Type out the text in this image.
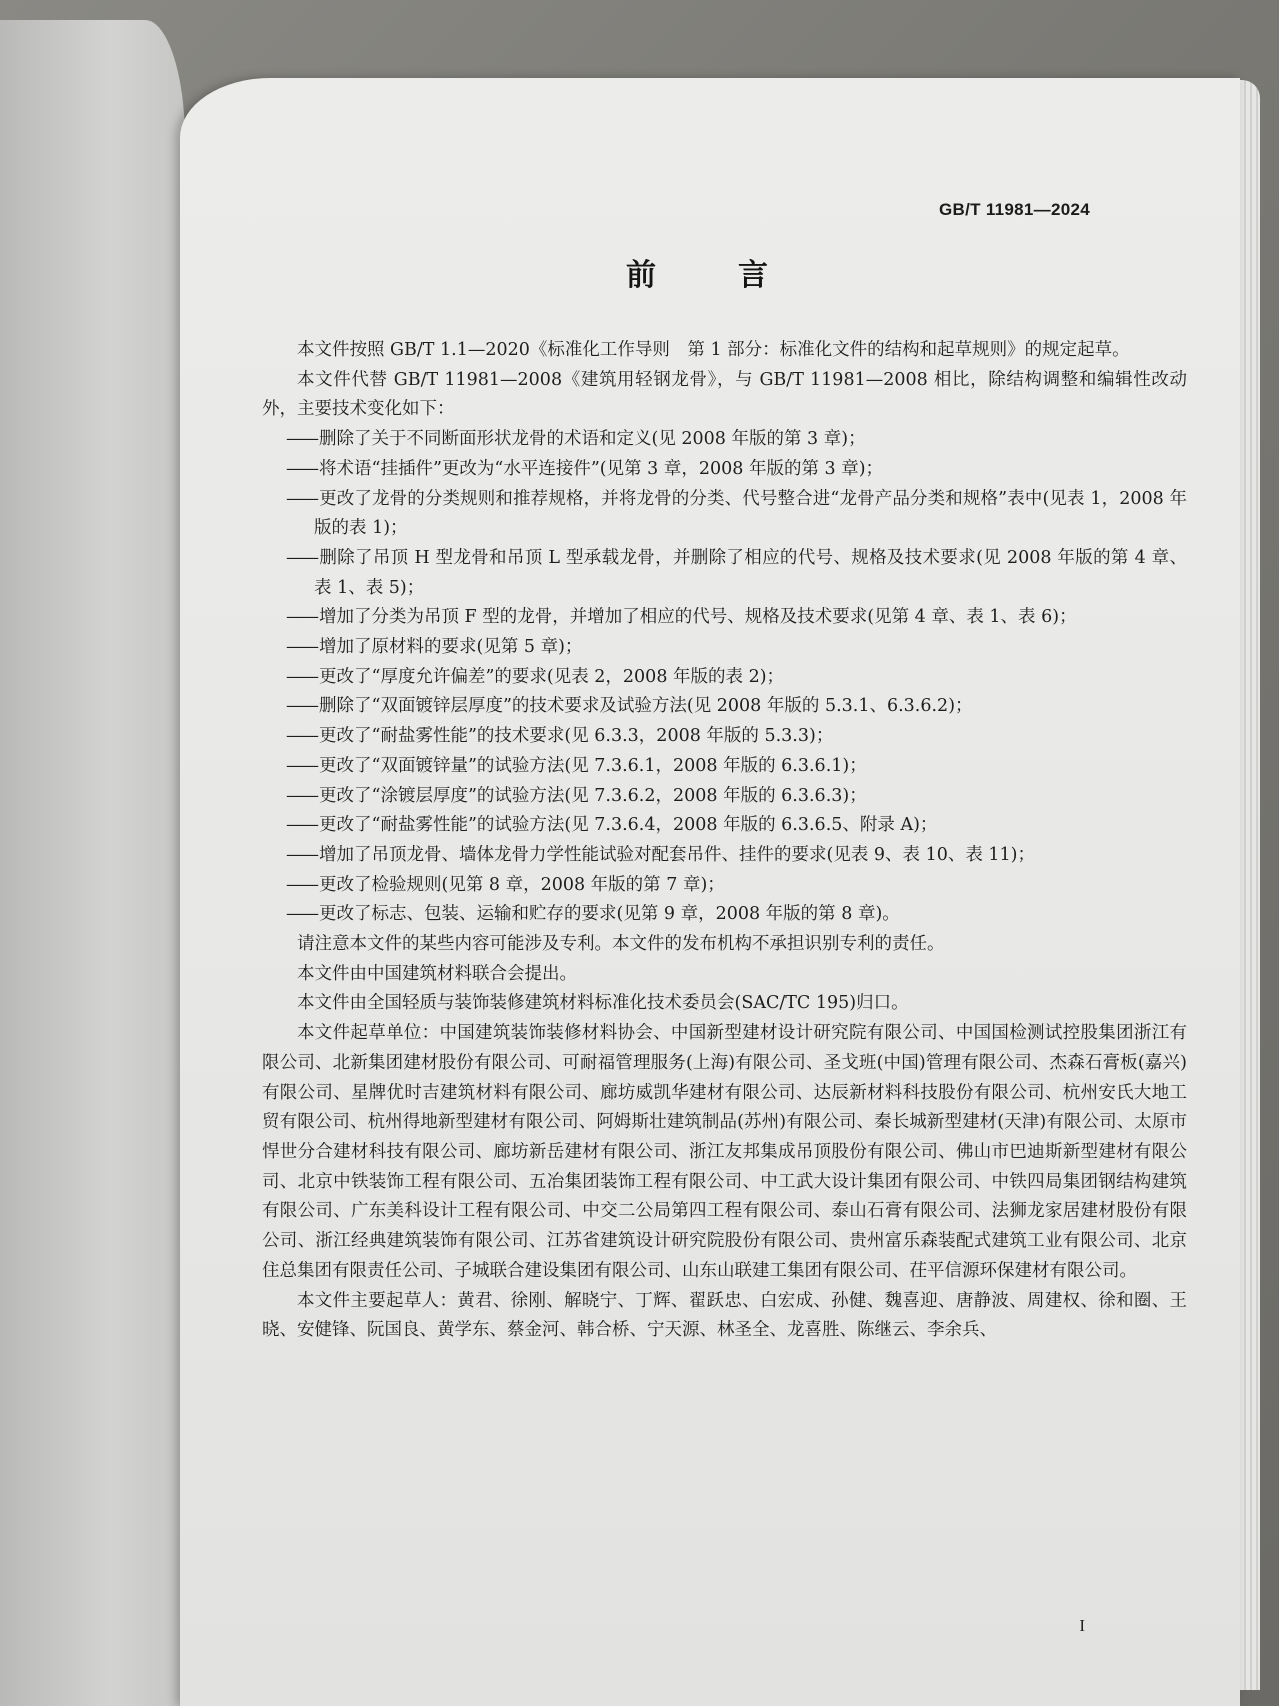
GB/T 11981—2024
前　言

本文件按照 GB/T 1.1—2020《标准化工作导则　第 1 部分：标准化文件的结构和起草规则》的规定起草。

本文件代替 GB/T 11981—2008《建筑用轻钢龙骨》，与 GB/T 11981—2008 相比，除结构调整和编辑性改动外，主要技术变化如下：

—— 删除了关于不同断面形状龙骨的术语和定义(见 2008 年版的第 3 章)；
—— 将术语“挂插件”更改为“水平连接件”(见第 3 章，2008 年版的第 3 章)；
—— 更改了龙骨的分类规则和推荐规格，并将龙骨的分类、代号整合进“龙骨产品分类和规格”表中(见表 1，2008 年版的表 1)；
—— 删除了吊顶 H 型龙骨和吊顶 L 型承载龙骨，并删除了相应的代号、规格及技术要求(见 2008 年版的第 4 章、表 1、表 5)；
—— 增加了分类为吊顶 F 型的龙骨，并增加了相应的代号、规格及技术要求(见第 4 章、表 1、表 6)；
—— 增加了原材料的要求(见第 5 章)；
—— 更改了“厚度允许偏差”的要求(见表 2，2008 年版的表 2)；
—— 删除了“双面镀锌层厚度”的技术要求及试验方法(见 2008 年版的 5.3.1、6.3.6.2)；
—— 更改了“耐盐雾性能”的技术要求(见 6.3.3，2008 年版的 5.3.3)；
—— 更改了“双面镀锌量”的试验方法(见 7.3.6.1，2008 年版的 6.3.6.1)；
—— 更改了“涂镀层厚度”的试验方法(见 7.3.6.2，2008 年版的 6.3.6.3)；
—— 更改了“耐盐雾性能”的试验方法(见 7.3.6.4，2008 年版的 6.3.6.5、附录 A)；
—— 增加了吊顶龙骨、墙体龙骨力学性能试验对配套吊件、挂件的要求(见表 9、表 10、表 11)；
—— 更改了检验规则(见第 8 章，2008 年版的第 7 章)；
—— 更改了标志、包装、运输和贮存的要求(见第 9 章，2008 年版的第 8 章)。

请注意本文件的某些内容可能涉及专利。本文件的发布机构不承担识别专利的责任。

本文件由中国建筑材料联合会提出。

本文件由全国轻质与装饰装修建筑材料标准化技术委员会(SAC/TC 195)归口。

本文件起草单位：中国建筑装饰装修材料协会、中国新型建材设计研究院有限公司、中国国检测试控股集团浙江有限公司、北新集团建材股份有限公司、可耐福管理服务(上海)有限公司、圣戈班(中国)管理有限公司、杰森石膏板(嘉兴)有限公司、星牌优时吉建筑材料有限公司、廊坊威凯华建材有限公司、达辰新材料科技股份有限公司、杭州安氏大地工贸有限公司、杭州得地新型建材有限公司、阿姆斯壮建筑制品(苏州)有限公司、秦长城新型建材(天津)有限公司、太原市悍世分合建材科技有限公司、廊坊新岳建材有限公司、浙江友邦集成吊顶股份有限公司、佛山市巴迪斯新型建材有限公司、北京中铁装饰工程有限公司、五冶集团装饰工程有限公司、中工武大设计集团有限公司、中铁四局集团钢结构建筑有限公司、广东美科设计工程有限公司、中交二公局第四工程有限公司、泰山石膏有限公司、法狮龙家居建材股份有限公司、浙江经典建筑装饰有限公司、江苏省建筑设计研究院股份有限公司、贵州富乐森装配式建筑工业有限公司、北京住总集团有限责任公司、子城联合建设集团有限公司、山东山联建工集团有限公司、茌平信源环保建材有限公司。

本文件主要起草人：黄君、徐刚、解晓宁、丁辉、翟跃忠、白宏成、孙健、魏喜迎、唐静波、周建权、徐和圈、王晓、安健锋、阮国良、黄学东、蔡金河、韩合桥、宁天源、林圣全、龙喜胜、陈继云、李余兵、

I
